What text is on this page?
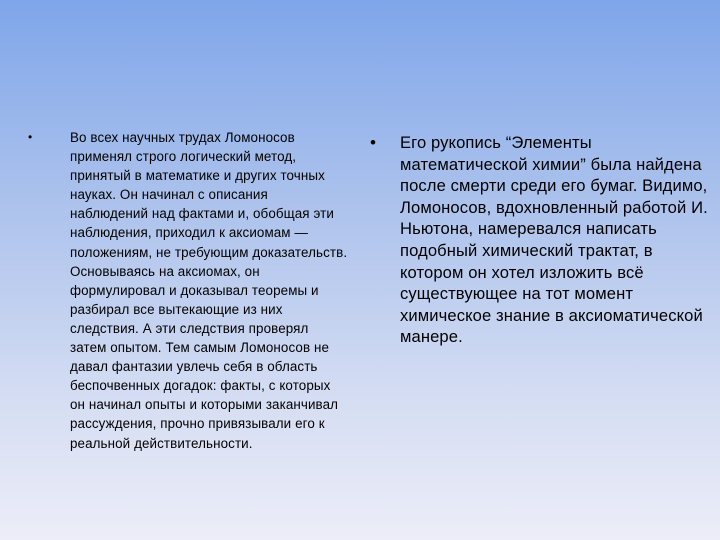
•	Во всех научных трудах Ломоносов применял строго логический метод, принятый в математике и других точных науках. Он начинал с описания наблюдений над фактами и, обобщая эти наблюдения, приходил к аксиомам — положениям, не требующим доказательств. Основываясь на аксиомах, он формулировал и доказывал теоремы и разбирал все вытекающие из них следствия. А эти следствия проверял затем опытом. Тем самым Ломоносов не давал фантазии увлечь себя в область беспочвенных догадок: факты, с которых он начинал опыты и которыми заканчивал рассуждения, прочно привязывали его к реальной действительности.
•	Его рукопись “Элементы математической химии” была найдена после смерти среди его бумаг. Видимо, Ломоносов, вдохновленный работой И. Ньютона, намеревался написать подобный химический трактат, в котором он хотел изложить всё существующее на тот момент химическое знание в аксиоматической манере.
